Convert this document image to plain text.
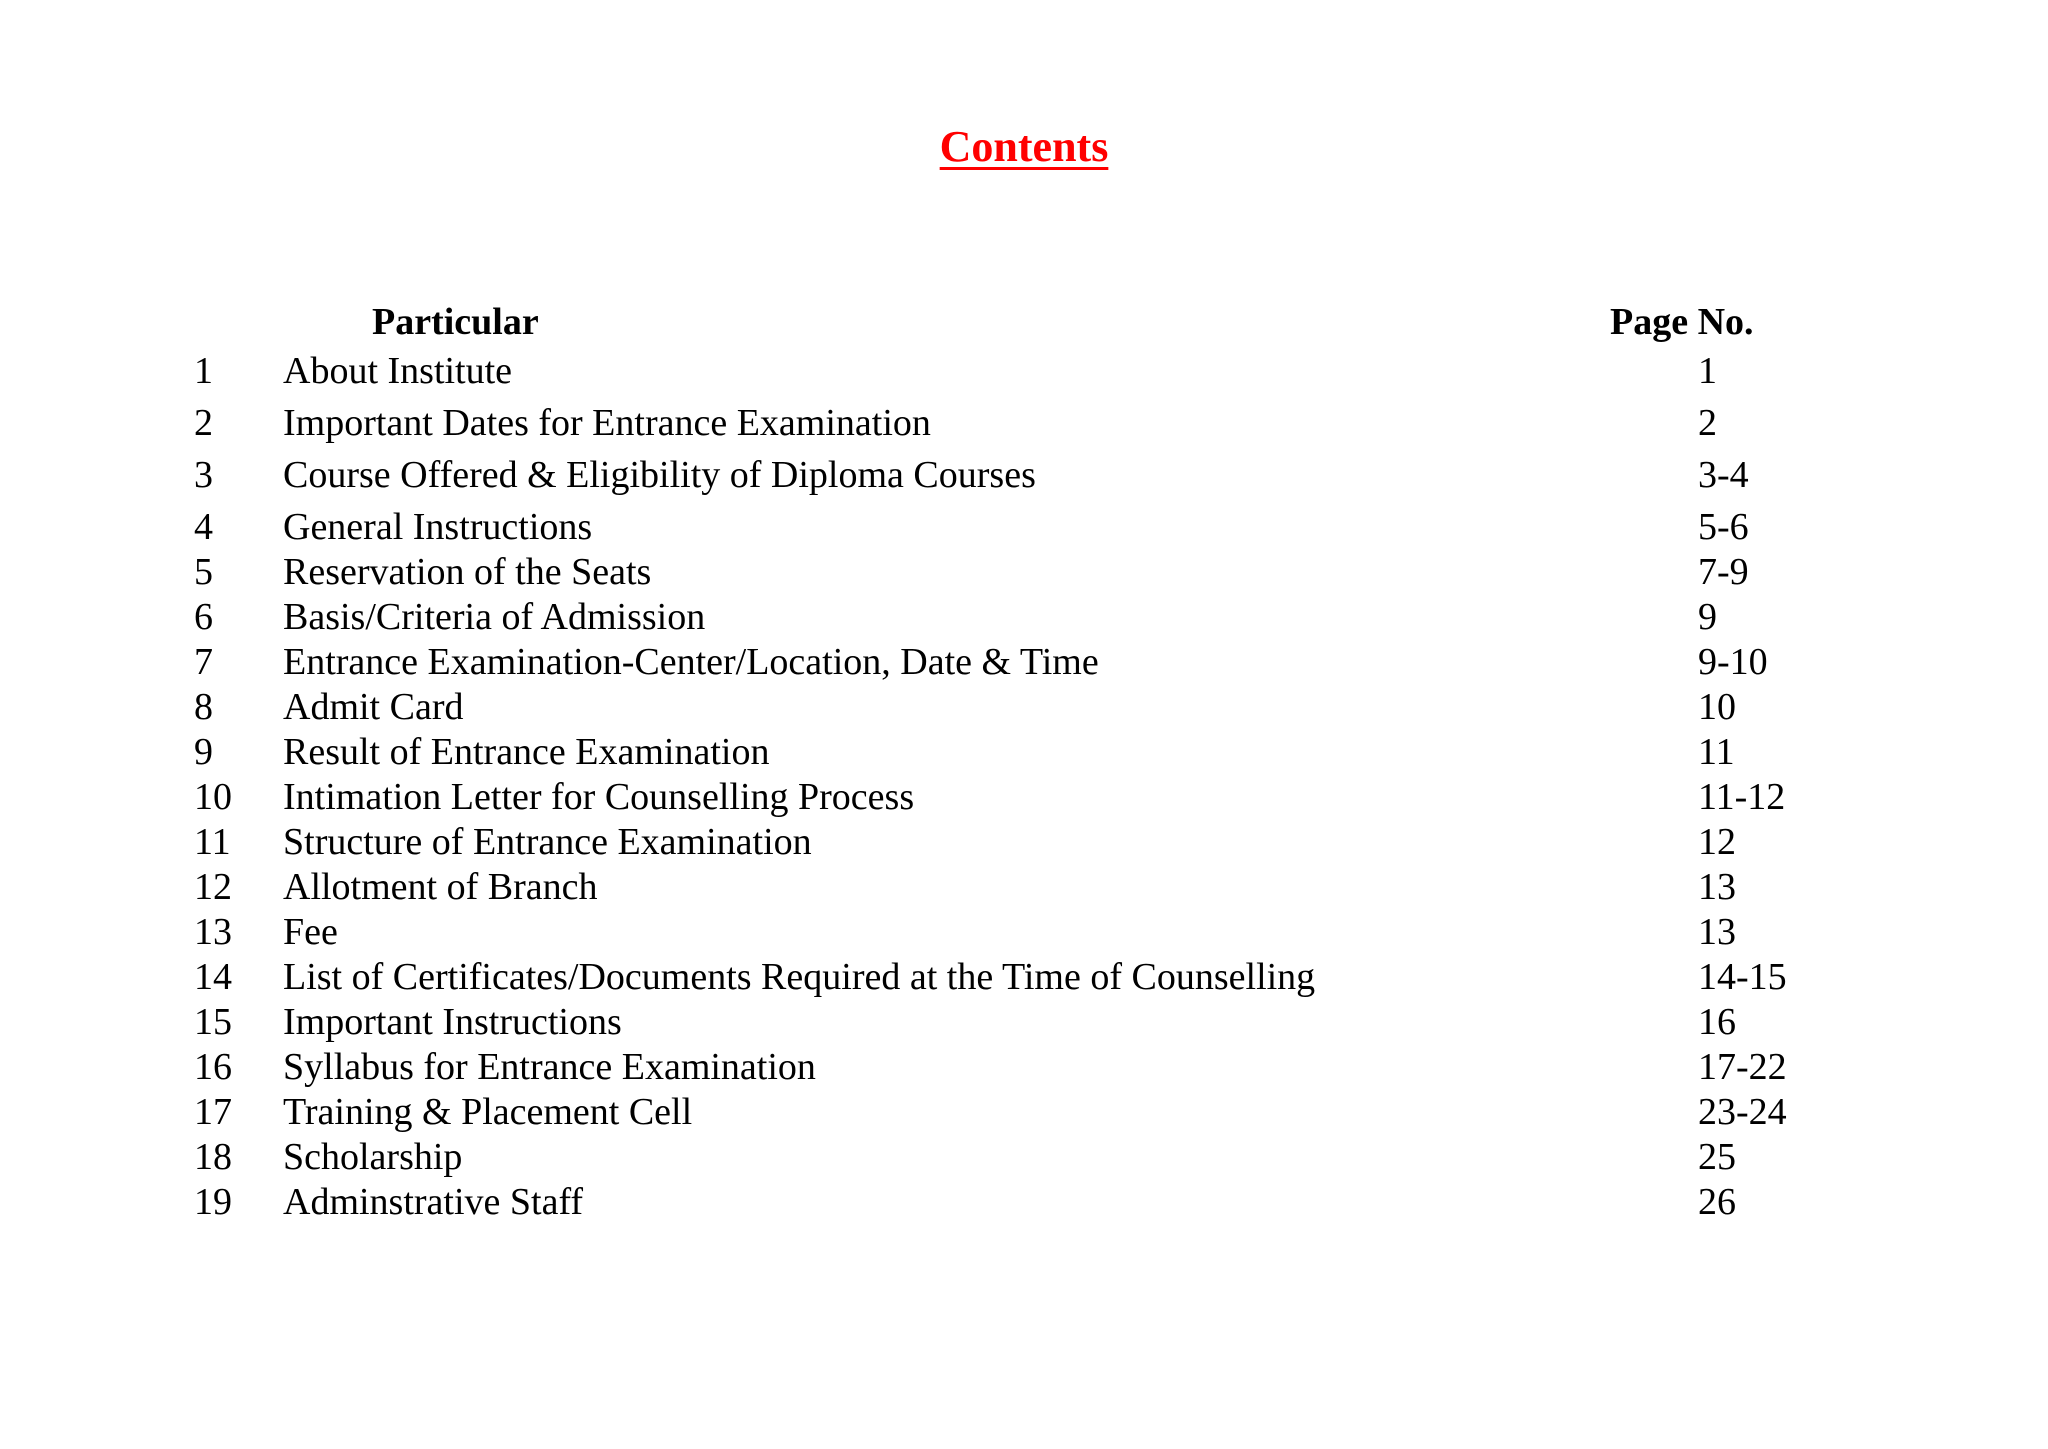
Contents
Particular	Page No.
1 About Institute	1
2 Important Dates for Entrance Examination	2
3 Course Offered & Eligibility of Diploma Courses	3-4
4 General Instructions	5-6
5 Reservation of the Seats	7-9
6 Basis/Criteria of Admission	9
7 Entrance Examination-Center/Location, Date & Time	9-10
8 Admit Card	10
9 Result of Entrance Examination	11
10 Intimation Letter for Counselling Process	11-12
11 Structure of Entrance Examination	12
12 Allotment of Branch	13
13 Fee	13
14 List of Certificates/Documents Required at the Time of Counselling	14-15
15 Important Instructions	16
16 Syllabus for Entrance Examination	17-22
17 Training & Placement Cell	23-24
18 Scholarship	25
19 Adminstrative Staff	26
